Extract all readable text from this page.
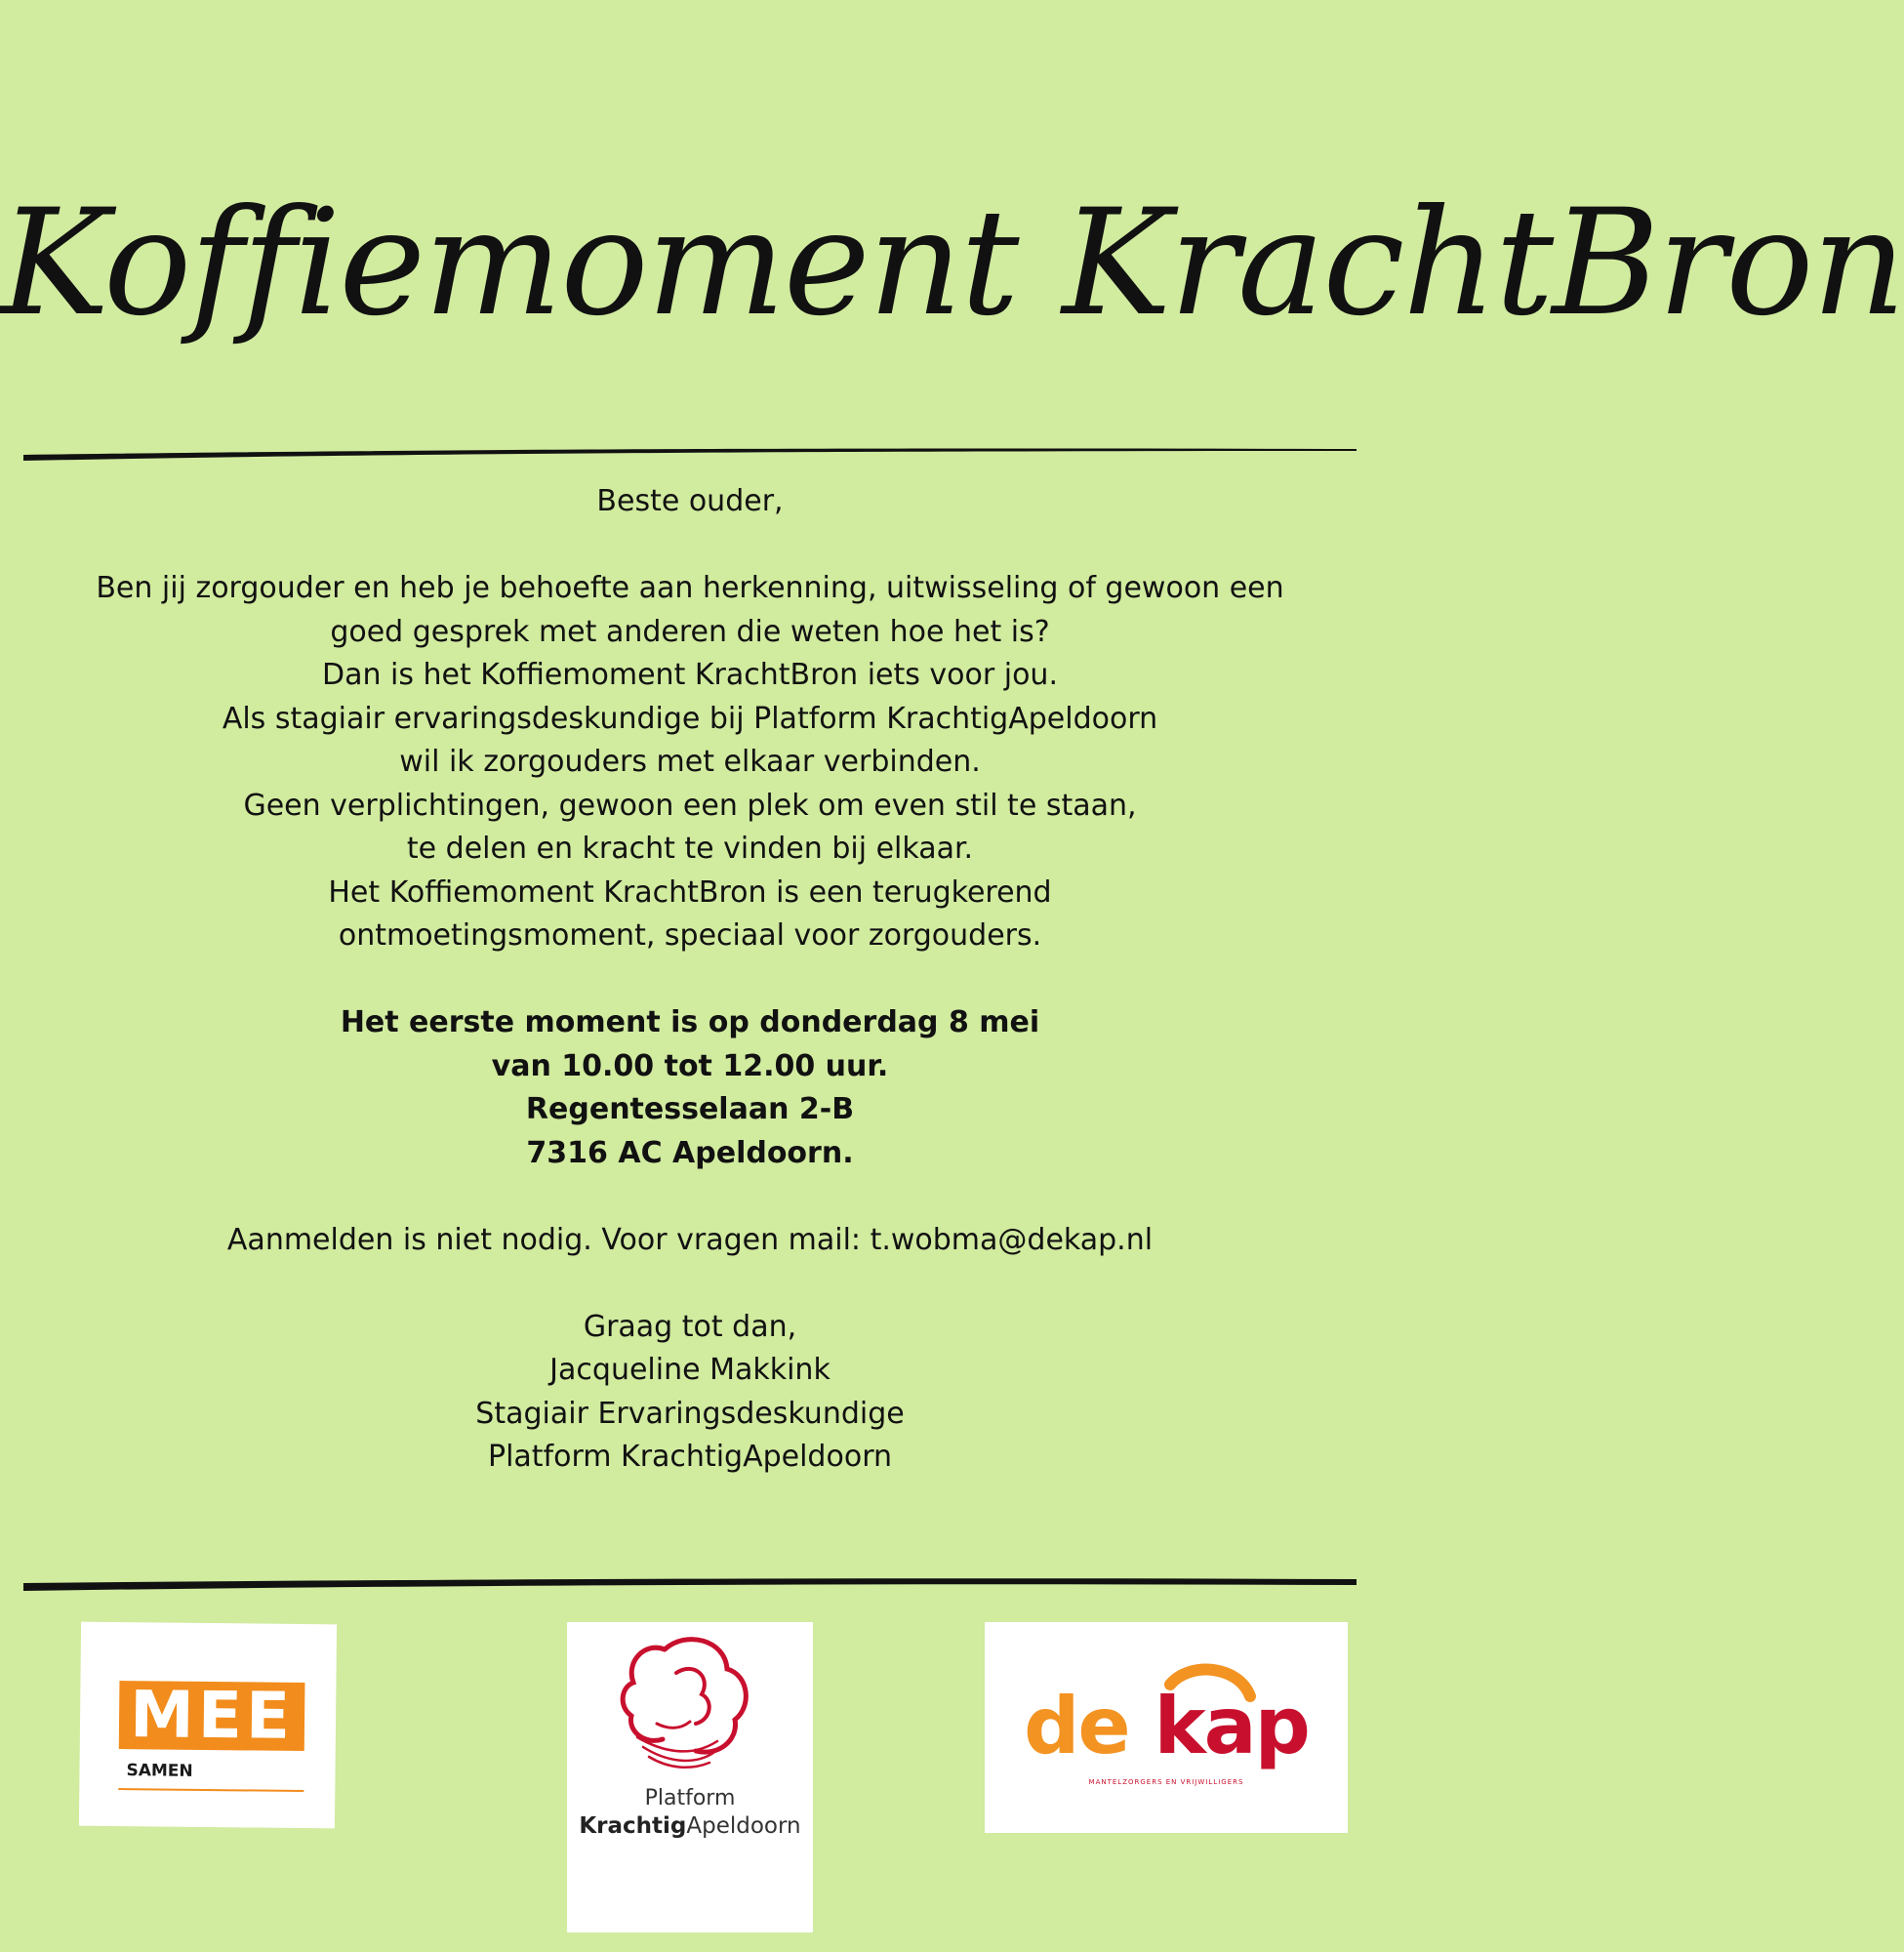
Koffiemoment KrachtBron

Beste ouder,

Ben jij zorgouder en heb je behoefte aan herkenning, uitwisseling of gewoon een

goed gesprek met anderen die weten hoe het is?

Dan is het Koffiemoment KrachtBron iets voor jou.

Als stagiair ervaringsdeskundige bij Platform KrachtigApeldoorn

wil ik zorgouders met elkaar verbinden.

Geen verplichtingen, gewoon een plek om even stil te staan,

te delen en kracht te vinden bij elkaar.

Het Koffiemoment KrachtBron is een terugkerend

ontmoetingsmoment, speciaal voor zorgouders.

Het eerste moment is op donderdag 8 mei

van 10.00 tot 12.00 uur.

Regentesselaan 2-B

7316 AC Apeldoorn.

Aanmelden is niet nodig. Voor vragen mail: t.wobma@dekap.nl

Graag tot dan,

Jacqueline Makkink

Stagiair Ervaringsdeskundige

Platform KrachtigApeldoorn

MEE
SAMEN
Platform
KrachtigApeldoorn
de kap
MANTELZORGERS EN VRIJWILLIGERS
